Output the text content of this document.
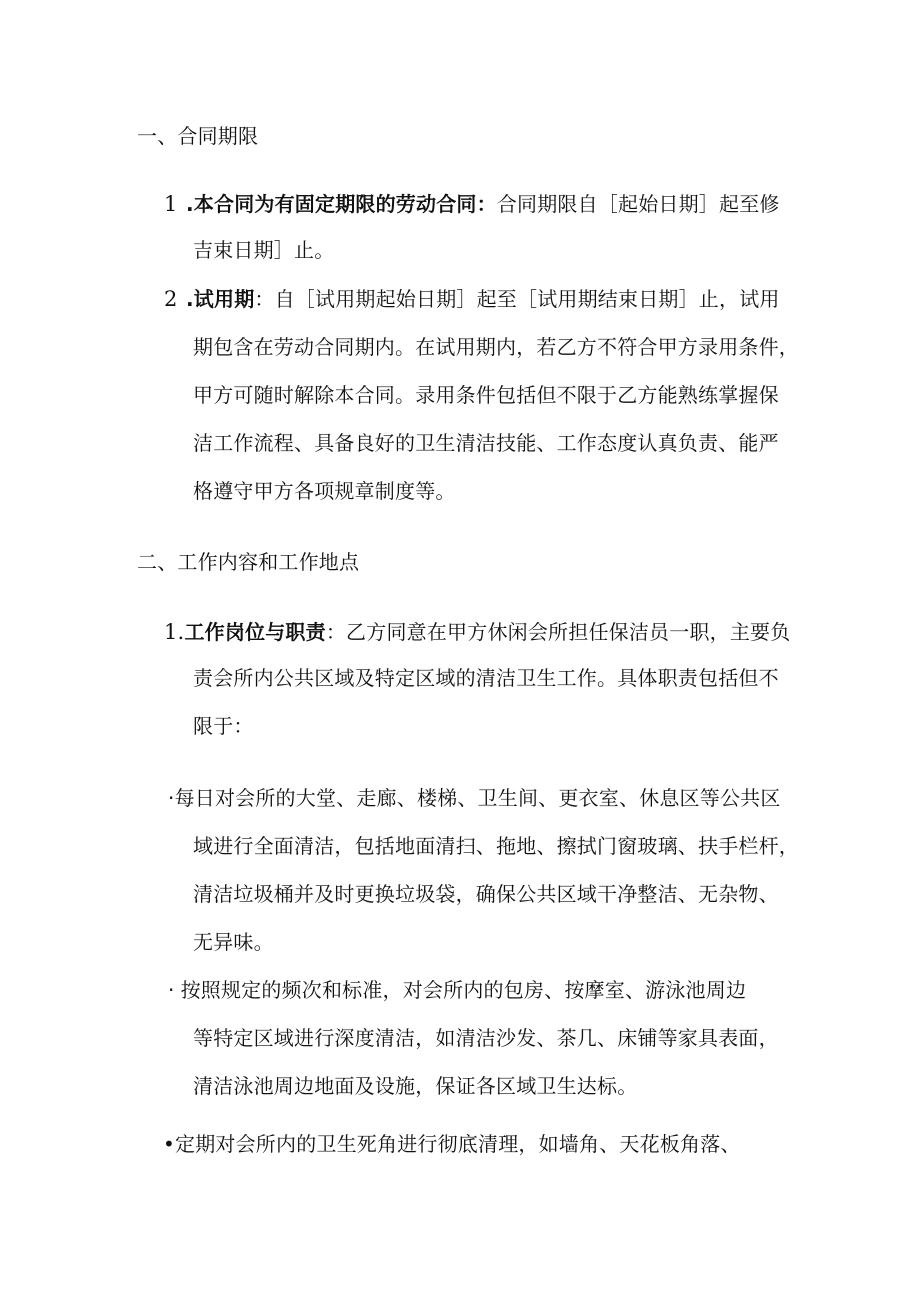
一、合同期限
1 .本合同为有固定期限的劳动合同：合同期限自［起始日期］起至修
吉束日期］止。
2 .试用期：自［试用期起始日期］起至［试用期结束日期］止，试用
期包含在劳动合同期内。在试用期内，若乙方不符合甲方录用条件，
甲方可随时解除本合同。录用条件包括但不限于乙方能熟练掌握保
洁工作流程、具备良好的卫生清洁技能、工作态度认真负责、能严
格遵守甲方各项规章制度等。
二、工作内容和工作地点
1.工作岗位与职责：乙方同意在甲方休闲会所担任保洁员一职，主要负
责会所内公共区域及特定区域的清洁卫生工作。具体职责包括但不
限于：
·每日对会所的大堂、走廊、楼梯、卫生间、更衣室、休息区等公共区
域进行全面清洁，包括地面清扫、拖地、擦拭门窗玻璃、扶手栏杆，
清洁垃圾桶并及时更换垃圾袋，确保公共区域干净整洁、无杂物、
无异味。
· 按照规定的频次和标准，对会所内的包房、按摩室、游泳池周边
等特定区域进行深度清洁，如清洁沙发、茶几、床铺等家具表面，
清洁泳池周边地面及设施，保证各区域卫生达标。
•定期对会所内的卫生死角进行彻底清理，如墙角、天花板角落、
